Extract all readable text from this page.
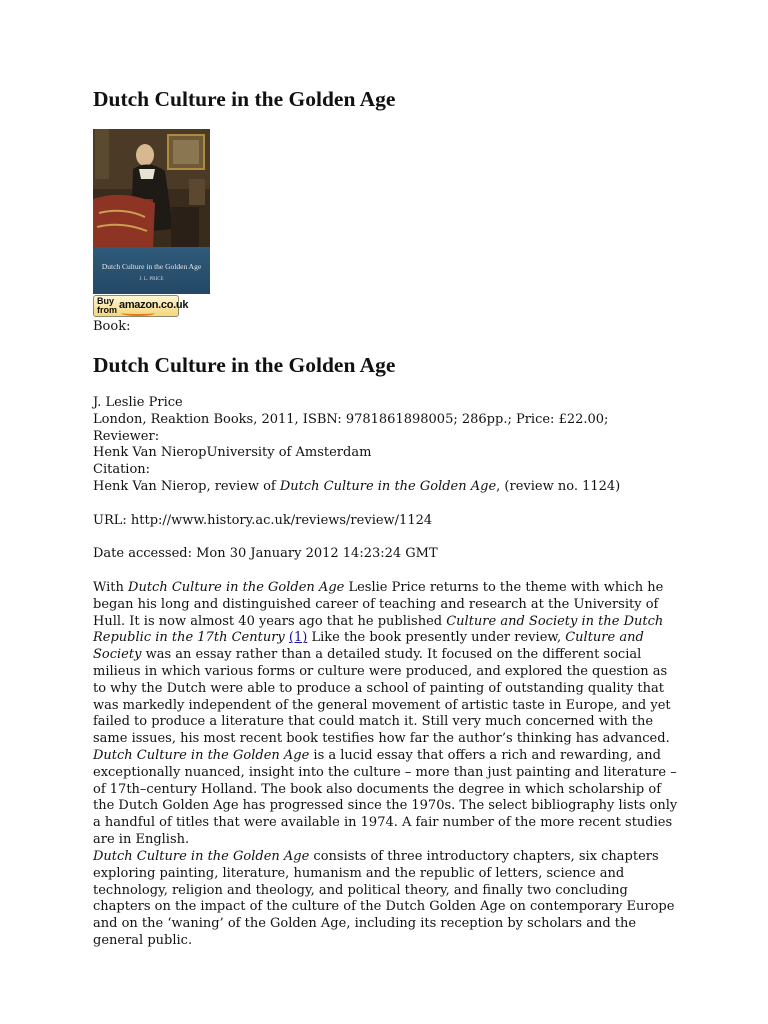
Dutch Culture in the Golden Age
Dutch Culture in the Golden Age
J. L. PRICE
Buy
from amazon.co.uk

Book:

Dutch Culture in the Golden Age
J. Leslie Price
London, Reaktion Books, 2011, ISBN: 9781861898005; 286pp.; Price: £22.00;
Reviewer:
Henk Van NieropUniversity of Amsterdam
Citation:
Henk Van Nierop, review of Dutch Culture in the Golden Age, (review no. 1124)

URL: http://www.history.ac.uk/reviews/review/1124

Date accessed: Mon 30 January 2012 14:23:24 GMT

With Dutch Culture in the Golden Age Leslie Price returns to the theme with which he began his long and distinguished career of teaching and research at the University of Hull. It is now almost 40 years ago that he published Culture and Society in the Dutch Republic in the 17th Century (1) Like the book presently under review, Culture and Society was an essay rather than a detailed study. It focused on the different social milieus in which various forms or culture were produced, and explored the question as to why the Dutch were able to produce a school of painting of outstanding quality that was markedly independent of the general movement of artistic taste in Europe, and yet failed to produce a literature that could match it. Still very much concerned with the same issues, his most recent book testifies how far the author’s thinking has advanced. Dutch Culture in the Golden Age is a lucid essay that offers a rich and rewarding, and exceptionally nuanced, insight into the culture – more than just painting and literature – of 17th–century Holland. The book also documents the degree in which scholarship of the Dutch Golden Age has progressed since the 1970s. The select bibliography lists only a handful of titles that were available in 1974. A fair number of the more recent studies are in English.

Dutch Culture in the Golden Age consists of three introductory chapters, six chapters exploring painting, literature, humanism and the republic of letters, science and technology, religion and theology, and political theory, and finally two concluding chapters on the impact of the culture of the Dutch Golden Age on contemporary Europe and on the ‘waning’ of the Golden Age, including its reception by scholars and the general public.
